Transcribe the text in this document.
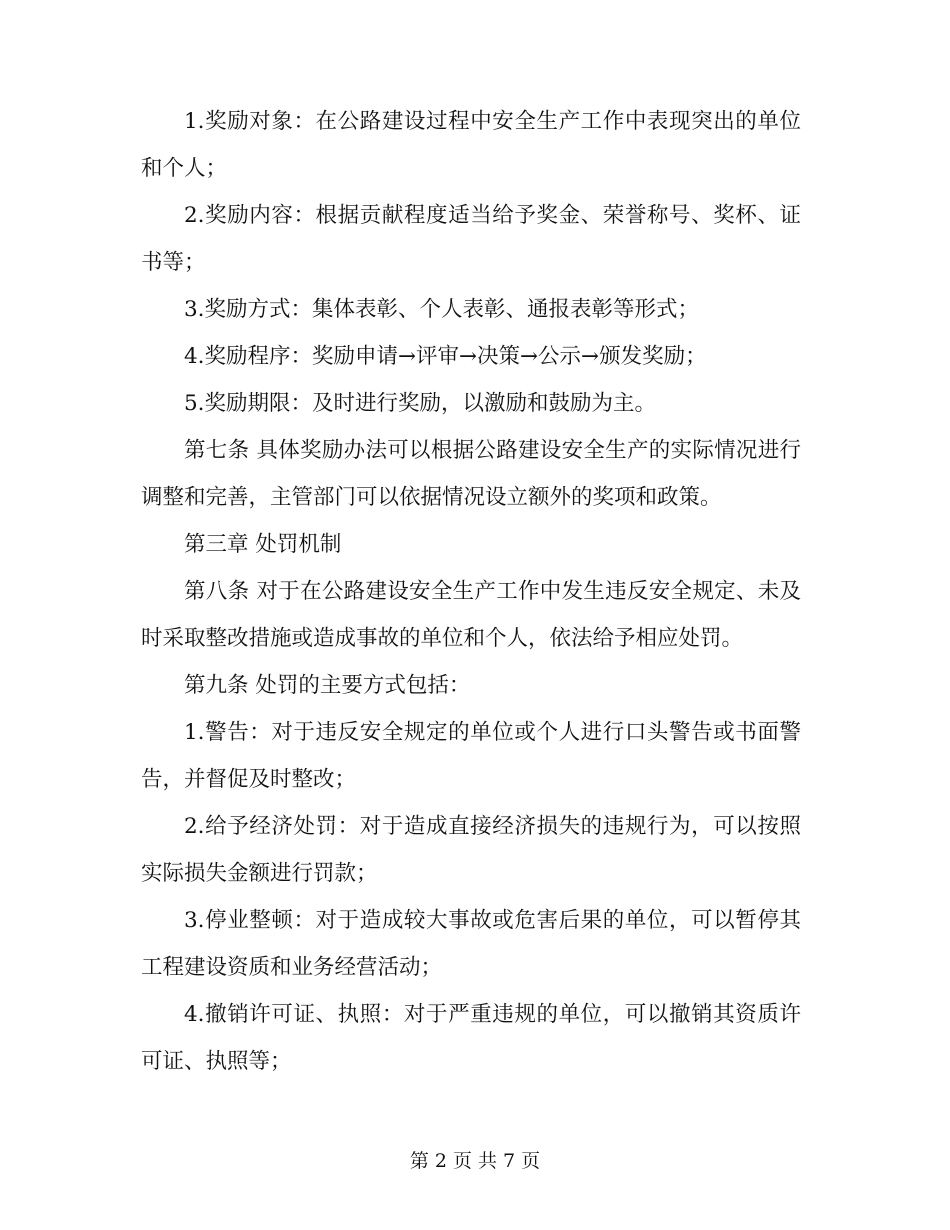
1.奖励对象：在公路建设过程中安全生产工作中表现突出的单位和个人；

2.奖励内容：根据贡献程度适当给予奖金、荣誉称号、奖杯、证书等；

3.奖励方式：集体表彰、个人表彰、通报表彰等形式；

4.奖励程序：奖励申请→评审→决策→公示→颁发奖励；

5.奖励期限：及时进行奖励，以激励和鼓励为主。

第七条 具体奖励办法可以根据公路建设安全生产的实际情况进行调整和完善，主管部门可以依据情况设立额外的奖项和政策。

第三章 处罚机制

第八条 对于在公路建设安全生产工作中发生违反安全规定、未及时采取整改措施或造成事故的单位和个人，依法给予相应处罚。

第九条 处罚的主要方式包括：

1.警告：对于违反安全规定的单位或个人进行口头警告或书面警告，并督促及时整改；

2.给予经济处罚：对于造成直接经济损失的违规行为，可以按照实际损失金额进行罚款；

3.停业整顿：对于造成较大事故或危害后果的单位，可以暂停其工程建设资质和业务经营活动；

4.撤销许可证、执照：对于严重违规的单位，可以撤销其资质许可证、执照等；

第 2 页 共 7 页
